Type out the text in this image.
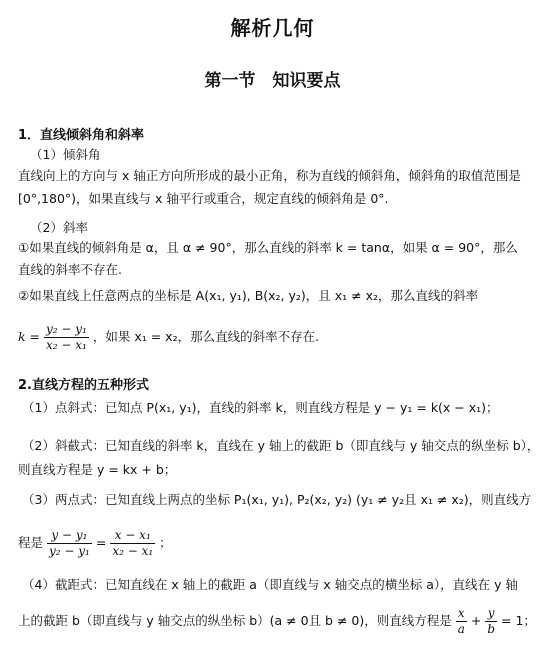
解析几何
第一节　知识要点
1．直线倾斜角和斜率
（1）倾斜角
直线向上的方向与 x 轴正方向所形成的最小正角，称为直线的倾斜角，倾斜角的取值范围是
[0°,180°)，如果直线与 x 轴平行或重合，规定直线的倾斜角是 0°.
（2）斜率
①如果直线的倾斜角是 α，且 α ≠ 90°，那么直线的斜率 k = tanα，如果 α = 90°，那么
直线的斜率不存在.
②如果直线上任意两点的坐标是 A(x₁, y₁), B(x₂, y₂)，且 x₁ ≠ x₂，那么直线的斜率
$k = \frac{\text{y₂ − y₁}}{\text{x₂ − x₁}}$ ，如果 x₁ = x₂，那么直线的斜率不存在.
2.直线方程的五种形式
（1）点斜式：已知点 P(x₁, y₁)，直线的斜率 k，则直线方程是 y − y₁ = k(x − x₁)；
（2）斜截式：已知直线的斜率 k，直线在 y 轴上的截距 b（即直线与 y 轴交点的纵坐标 b），
则直线方程是 y = kx + b；
（3）两点式：已知直线上两点的坐标 P₁(x₁, y₁), P₂(x₂, y₂) (y₁ ≠ y₂且 x₁ ≠ x₂)，则直线方
程是 $\frac{\text{y − y₁}}{\text{y₂ − y₁}} = \frac{\text{x − x₁}}{\text{x₂ − x₁}}$ ；
（4）截距式：已知直线在 x 轴上的截距 a（即直线与 x 轴交点的横坐标 a），直线在 y 轴
上的截距 b（即直线与 y 轴交点的纵坐标 b）(a ≠ 0且 b ≠ 0)，则直线方程是 $\frac{x}{a} + \frac{y}{b} = 1$；
